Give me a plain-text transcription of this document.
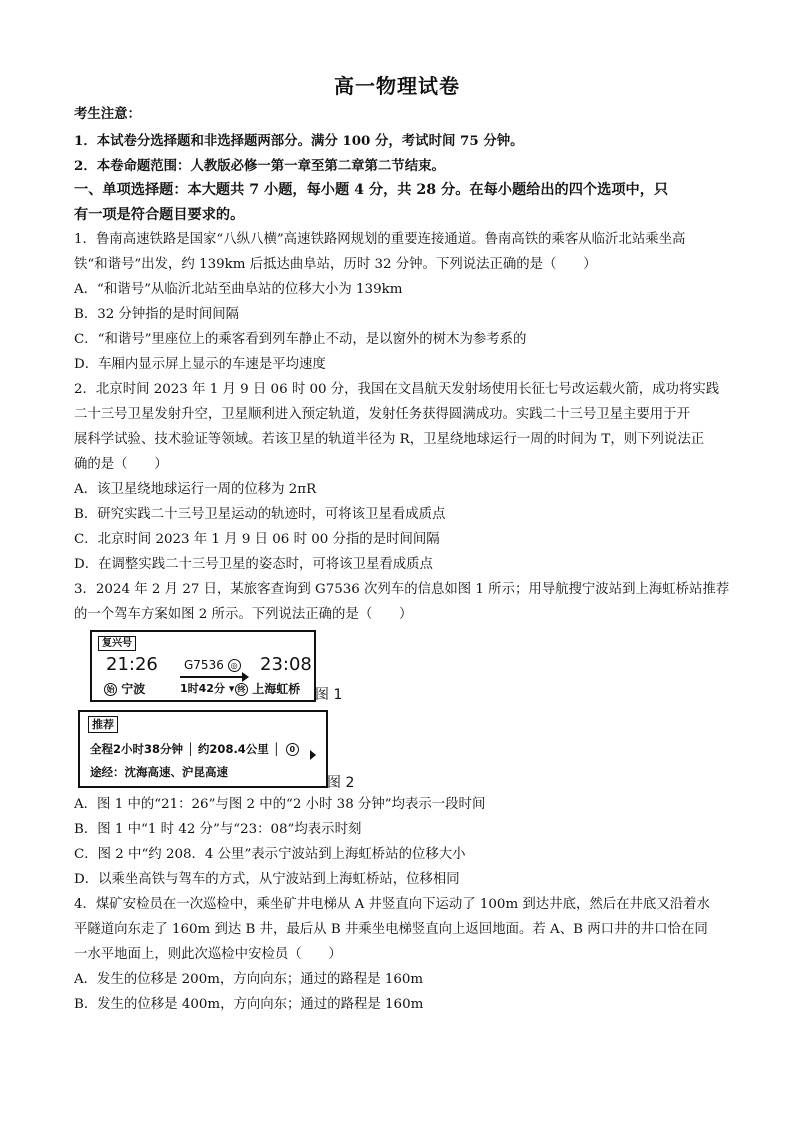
高一物理试卷
考生注意：
1．本试卷分选择题和非选择题两部分。满分 100 分，考试时间 75 分钟。
2．本卷命题范围：人教版必修一第一章至第二章第二节结束。
一、单项选择题：本大题共 7 小题，每小题 4 分，共 28 分。在每小题给出的四个选项中，只
有一项是符合题目要求的。
1．鲁南高速铁路是国家“八纵八横”高速铁路网规划的重要连接通道。鲁南高铁的乘客从临沂北站乘坐高
铁“和谐号”出发，约 139km 后抵达曲阜站，历时 32 分钟。下列说法正确的是（　　）
A．“和谐号”从临沂北站至曲阜站的位移大小为 139km
B．32 分钟指的是时间间隔
C．“和谐号”里座位上的乘客看到列车静止不动，是以窗外的树木为参考系的
D．车厢内显示屏上显示的车速是平均速度
2．北京时间 2023 年 1 月 9 日 06 时 00 分，我国在文昌航天发射场使用长征七号改运载火箭，成功将实践
二十三号卫星发射升空，卫星顺利进入预定轨道，发射任务获得圆满成功。实践二十三号卫星主要用于开
展科学试验、技术验证等领域。若该卫星的轨道半径为 R，卫星绕地球运行一周的时间为 T，则下列说法正
确的是（　　）
A．该卫星绕地球运行一周的位移为 2πR
B．研究实践二十三号卫星运动的轨迹时，可将该卫星看成质点
C．北京时间 2023 年 1 月 9 日 06 时 00 分指的是时间间隔
D．在调整实践二十三号卫星的姿态时，可将该卫星看成质点
3．2024 年 2 月 27 日，某旅客查询到 G7536 次列车的信息如图 1 所示；用导航搜宁波站到上海虹桥站推荐
的一个驾车方案如图 2 所示。下列说法正确的是（　　）
复兴号
21:26 G7536 ◎ 23:08
始 宁波	1时42分 ▾ 终 上海虹桥 图 1
推荐
全程2小时38分钟 │ 约208.4公里 │ 0
途经：沈海高速、沪昆高速
图 2
A．图 1 中的“21：26”与图 2 中的“2 小时 38 分钟”均表示一段时间
B．图 1 中“1 时 42 分”与“23：08”均表示时刻
C．图 2 中“约 208．4 公里”表示宁波站到上海虹桥站的位移大小
D．以乘坐高铁与驾车的方式，从宁波站到上海虹桥站，位移相同
4．煤矿安检员在一次巡检中，乘坐矿井电梯从 A 井竖直向下运动了 100m 到达井底，然后在井底又沿着水
平隧道向东走了 160m 到达 B 井，最后从 B 井乘坐电梯竖直向上返回地面。若 A、B 两口井的井口恰在同
一水平地面上，则此次巡检中安检员（　　）
A．发生的位移是 200m，方向向东；通过的路程是 160m
B．发生的位移是 400m，方向向东；通过的路程是 160m
